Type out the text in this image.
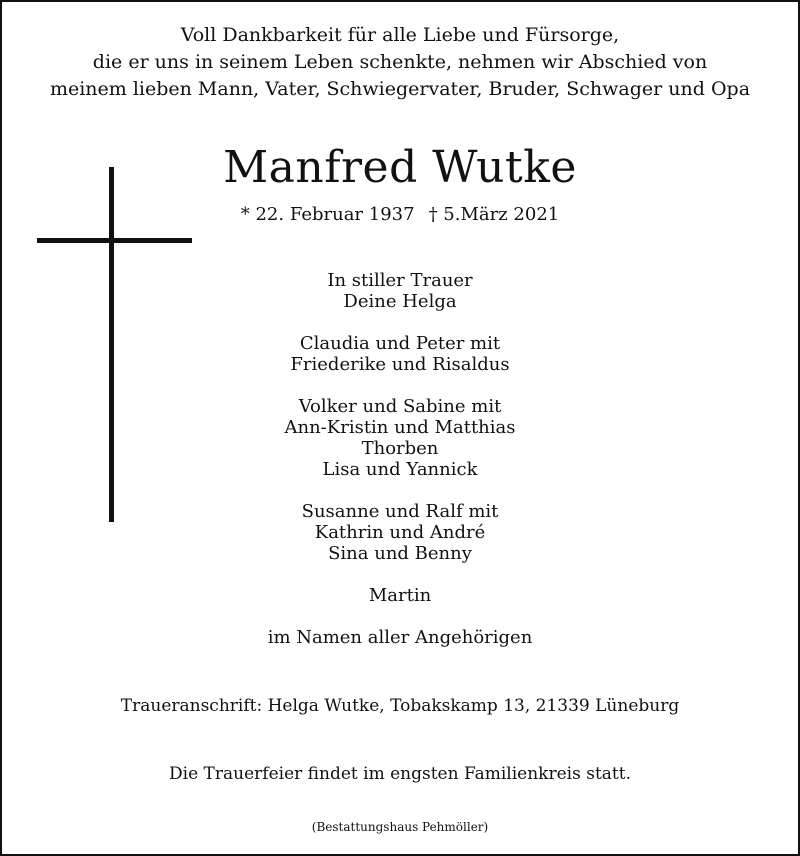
Voll Dankbarkeit für alle Liebe und Fürsorge,
die er uns in seinem Leben schenkte, nehmen wir Abschied von
meinem lieben Mann, Vater, Schwiegervater, Bruder, Schwager und Opa
Manfred Wutke
* 22. Februar 1937 † 5.März 2021
In stiller Trauer
Deine Helga
Claudia und Peter mit
Friederike und Risaldus
Volker und Sabine mit
Ann-Kristin und Matthias
Thorben
Lisa und Yannick
Susanne und Ralf mit
Kathrin und André
Sina und Benny
Martin
im Namen aller Angehörigen
Traueranschrift: Helga Wutke, Tobakskamp 13, 21339 Lüneburg
Die Trauerfeier findet im engsten Familienkreis statt.
(Bestattungshaus Pehmöller)
